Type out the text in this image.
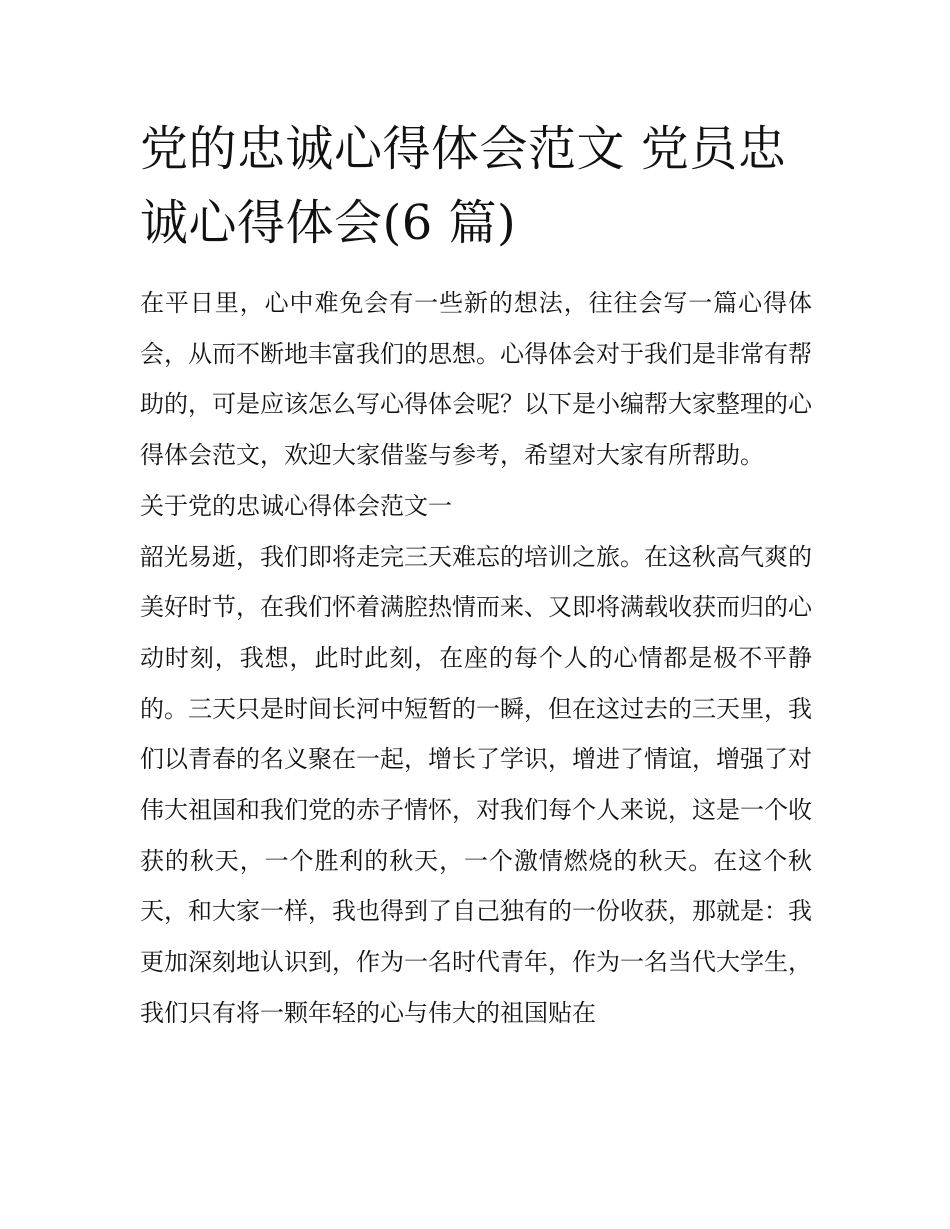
党的忠诚心得体会范文 党员忠诚心得体会(6 篇)

在平日里，心中难免会有一些新的想法，往往会写一篇心得体会，从而不断地丰富我们的思想。心得体会对于我们是非常有帮助的，可是应该怎么写心得体会呢？以下是小编帮大家整理的心得体会范文，欢迎大家借鉴与参考，希望对大家有所帮助。

关于党的忠诚心得体会范文一

韶光易逝，我们即将走完三天难忘的培训之旅。在这秋高气爽的美好时节，在我们怀着满腔热情而来、又即将满载收获而归的心动时刻，我想，此时此刻，在座的每个人的心情都是极不平静的。三天只是时间长河中短暂的一瞬，但在这过去的三天里，我们以青春的名义聚在一起，增长了学识，增进了情谊，增强了对伟大祖国和我们党的赤子情怀，对我们每个人来说，这是一个收获的秋天，一个胜利的秋天，一个激情燃烧的秋天。在这个秋天，和大家一样，我也得到了自己独有的一份收获，那就是：我更加深刻地认识到，作为一名时代青年，作为一名当代大学生，我们只有将一颗年轻的心与伟大的祖国贴在
